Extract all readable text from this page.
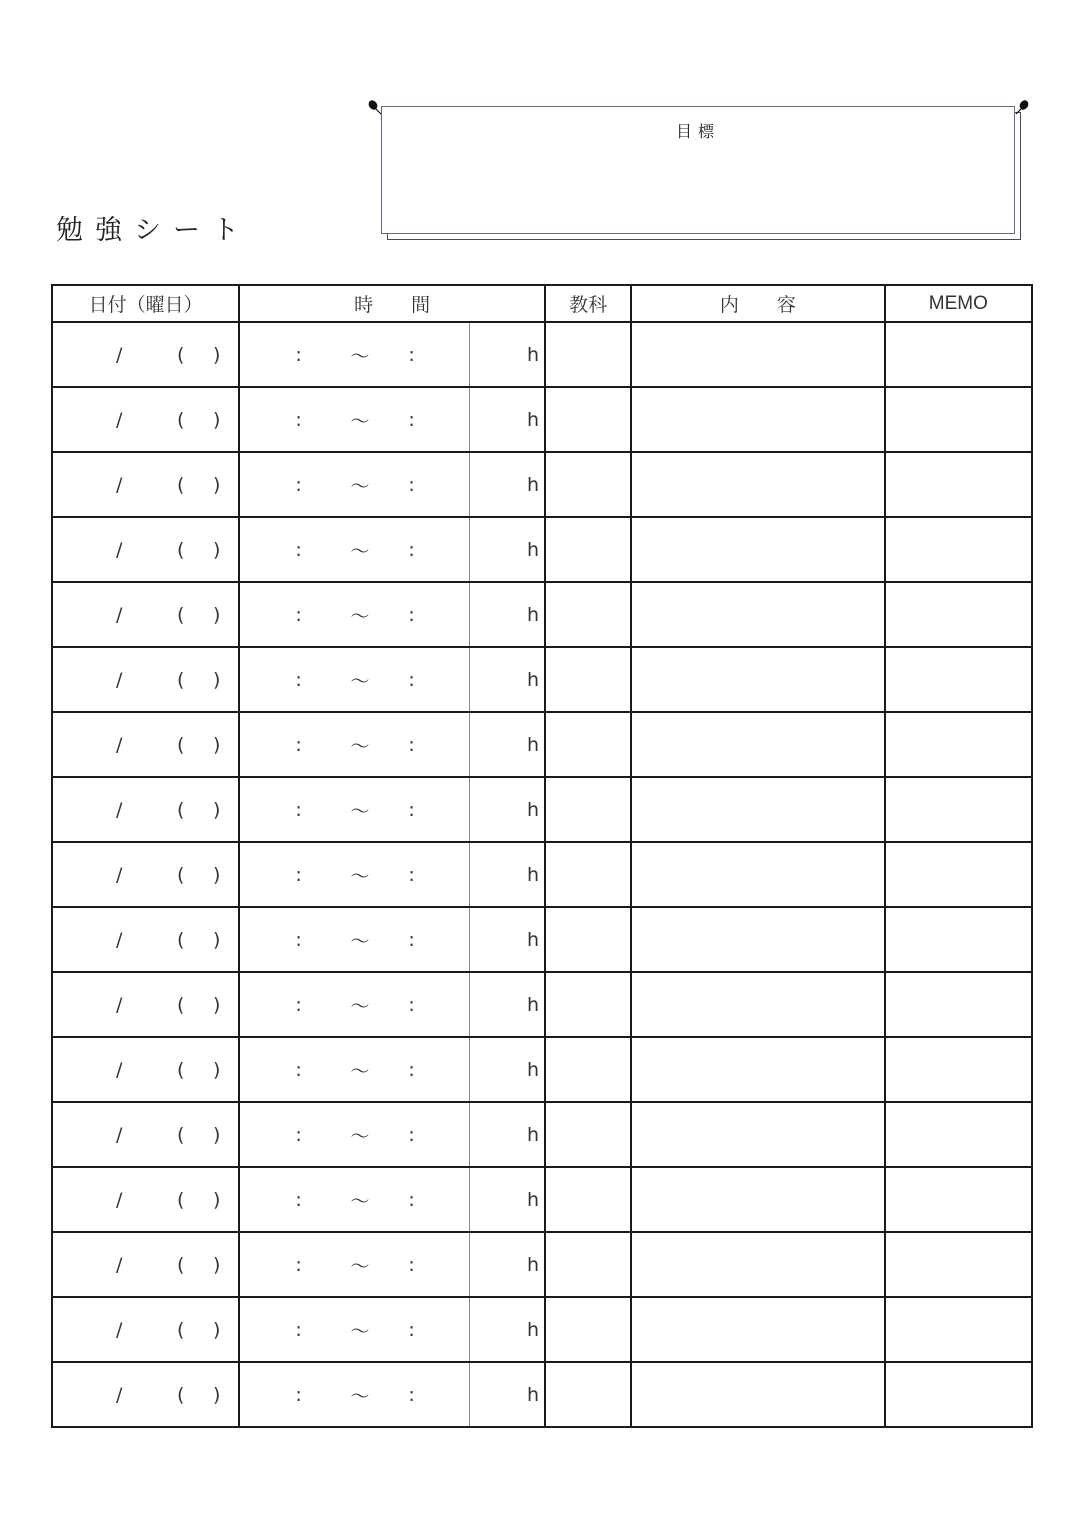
勉強シート
目標
日付（曜日）	時　　間		教科	内　　容	MEMO

/ ( )	: ～ :	h			

/ ( )	: ～ :	h			

/ ( )	: ～ :	h			

/ ( )	: ～ :	h			

/ ( )	: ～ :	h			

/ ( )	: ～ :	h			

/ ( )	: ～ :	h			

/ ( )	: ～ :	h			

/ ( )	: ～ :	h			

/ ( )	: ～ :	h			

/ ( )	: ～ :	h			

/ ( )	: ～ :	h			

/ ( )	: ～ :	h			

/ ( )	: ～ :	h			

/ ( )	: ～ :	h			

/ ( )	: ～ :	h			

/ ( )	: ～ :	h			
